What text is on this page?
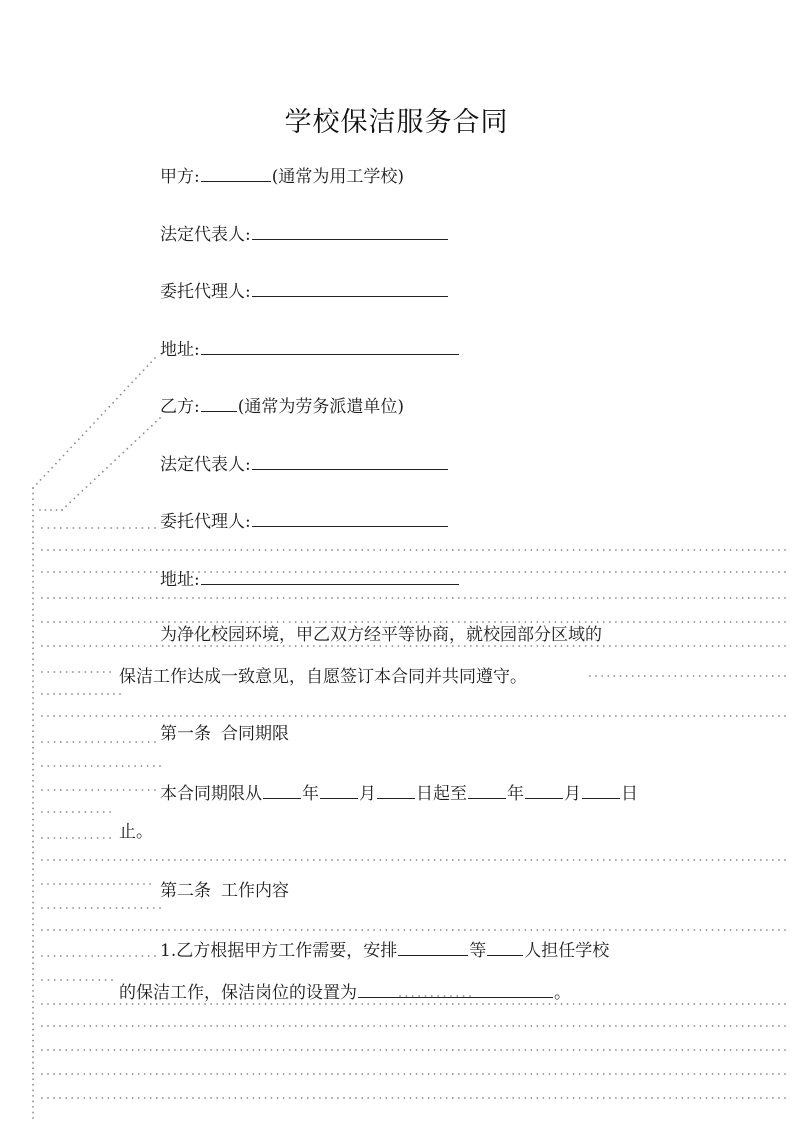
学校保洁服务合同
甲方:	(通常为用工学校)
法定代表人:
委托代理人:
地址:
乙方: (通常为劳务派遣单位)
法定代表人:
委托代理人:
地址:
为净化校园环境，甲乙双方经平等协商，就校园部分区域的
保洁工作达成一致意见，自愿签订本合同并共同遵守。
第一条 合同期限
本合同期限从 年 月 日起至 年 月 日
止。
第二条 工作内容
1.乙方根据甲方工作需要，安排	等 人担任学校
的保洁工作，保洁岗位的设置为	。
